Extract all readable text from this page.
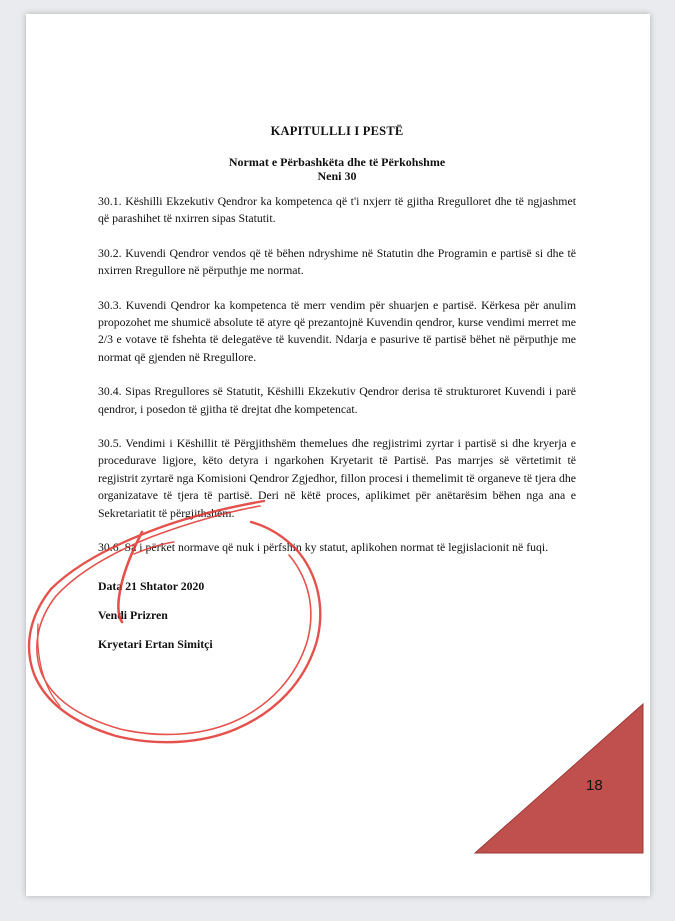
KAPITULLLI I PESTË

Normat e Përbashkëta dhe të Përkohshme
Neni 30

30.1. Këshilli Ekzekutiv Qendror ka kompetenca që t'i nxjerr të gjitha Rregulloret dhe të ngjashmet që parashihet të nxirren sipas Statutit.

30.2. Kuvendi Qendror vendos që të bëhen ndryshime në Statutin dhe Programin e partisë si dhe të nxirren Rregullore në përputhje me normat.

30.3. Kuvendi Qendror ka kompetenca të merr vendim për shuarjen e partisë. Kërkesa për anulim propozohet me shumicë absolute të atyre që prezantojnë Kuvendin qendror, kurse vendimi merret me 2/3 e votave të fshehta të delegatëve të kuvendit. Ndarja e pasurive të partisë bëhet në përputhje me normat që gjenden në Rregullore.

30.4. Sipas Rregullores së Statutit, Këshilli Ekzekutiv Qendror derisa të strukturoret Kuvendi i parë qendror, i posedon të gjitha të drejtat dhe kompetencat.

30.5. Vendimi i Këshillit të Përgjithshëm themelues dhe regjistrimi zyrtar i partisë si dhe kryerja e procedurave ligjore, këto detyra i ngarkohen Kryetarit të Partisë. Pas marrjes së vërtetimit të regjistrit zyrtarë nga Komisioni Qendror Zgjedhor, fillon procesi i themelimit të organeve të tjera dhe organizatave të tjera të partisë. Deri në këtë proces, aplikimet për anëtarësim bëhen nga ana e Sekretariatit të përgjithshëm.

30.6. Sa i përket normave që nuk i përfshin ky statut, aplikohen normat të legjislacionit në fuqi.

Data 21 Shtator 2020

Vendi Prizren

Kryetari Ertan Simitçi

18
